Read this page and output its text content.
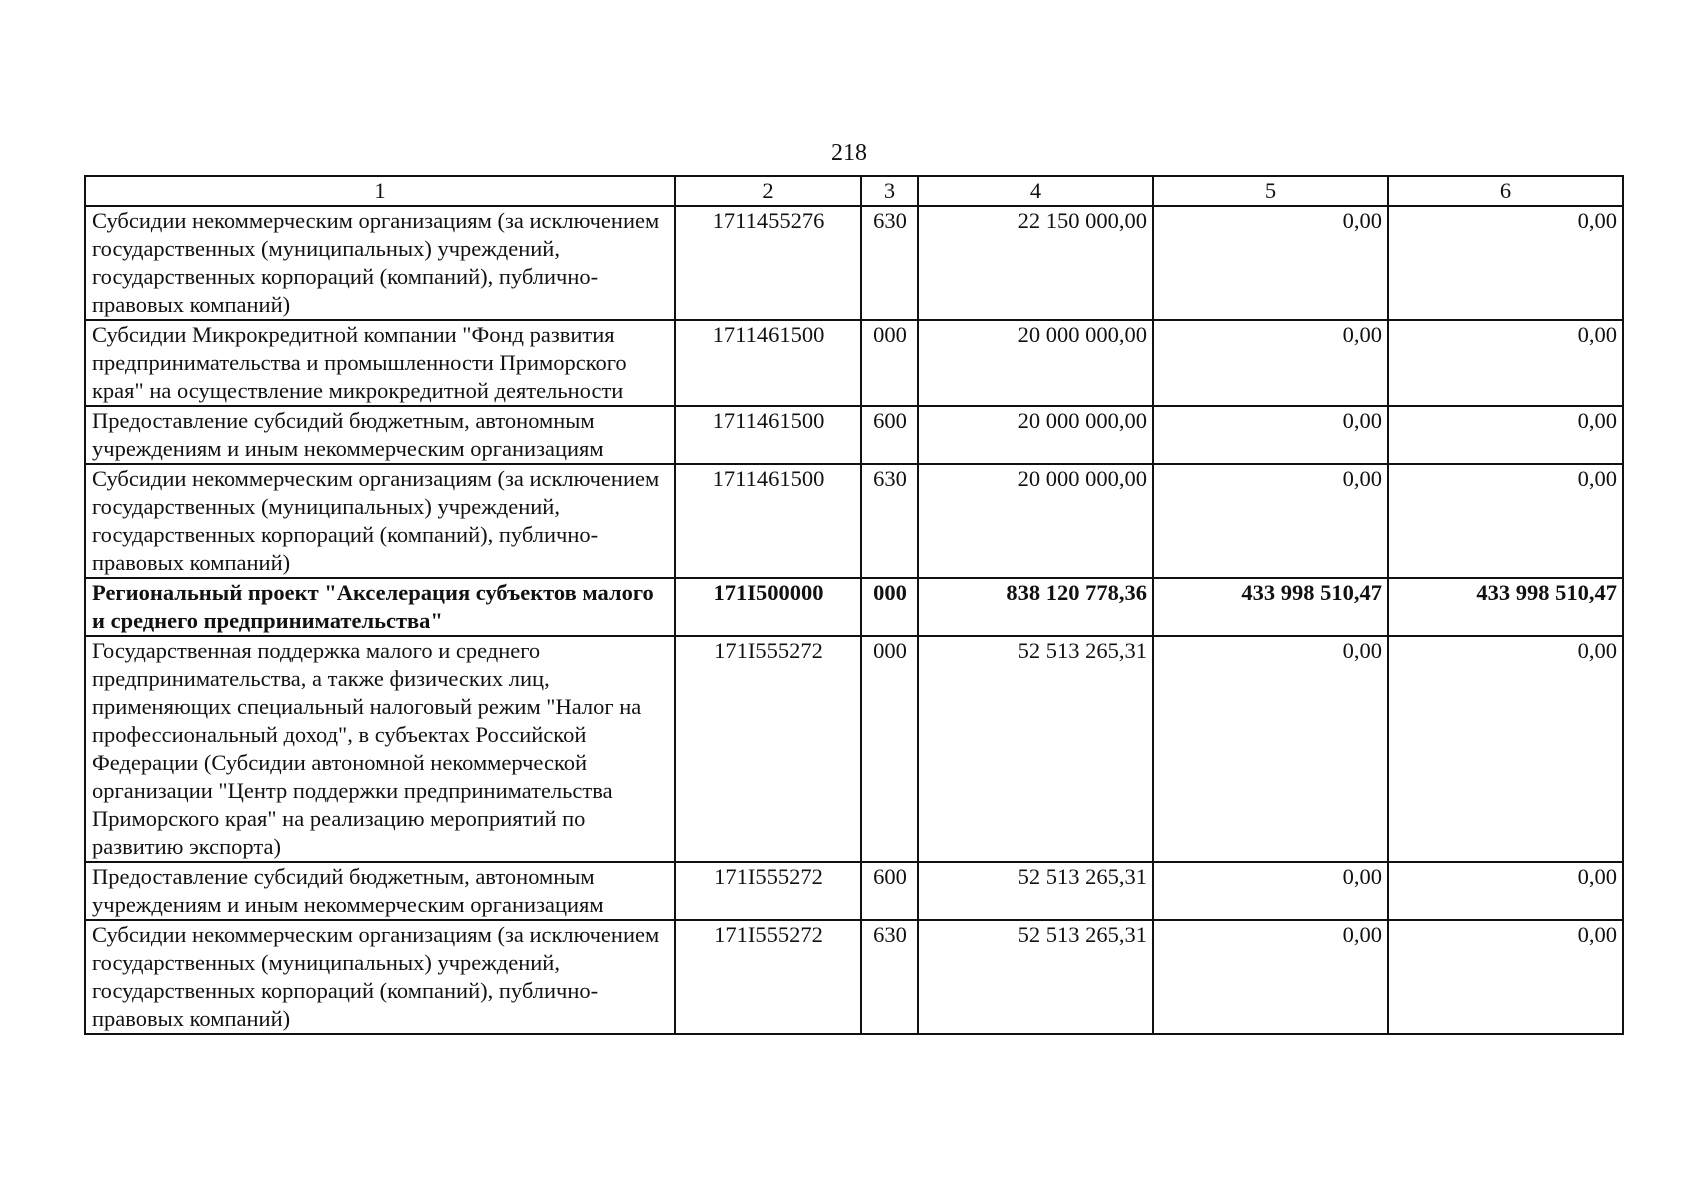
218
1	2	3	4	5	6
Субсидии некоммерческим организациям (за исключением государственных (муниципальных) учреждений, государственных корпораций (компаний), публично-правовых компаний)	1711455276	630	22 150 000,00	0,00	0,00
Субсидии Микрокредитной компании "Фонд развития предпринимательства и промышленности Приморского края" на осуществление микрокредитной деятельности	1711461500	000	20 000 000,00	0,00	0,00
Предоставление субсидий бюджетным, автономным учреждениям и иным некоммерческим организациям	1711461500	600	20 000 000,00	0,00	0,00
Субсидии некоммерческим организациям (за исключением государственных (муниципальных) учреждений, государственных корпораций (компаний), публично-правовых компаний)	1711461500	630	20 000 000,00	0,00	0,00
Региональный проект "Акселерация субъектов малого и среднего предпринимательства"	171I500000	000	838 120 778,36	433 998 510,47	433 998 510,47
Государственная поддержка малого и среднего предпринимательства, а также физических лиц, применяющих специальный налоговый режим "Налог на профессиональный доход", в субъектах Российской Федерации (Субсидии автономной некоммерческой организации "Центр поддержки предпринимательства Приморского края" на реализацию мероприятий по развитию экспорта)	171I555272	000	52 513 265,31	0,00	0,00
Предоставление субсидий бюджетным, автономным учреждениям и иным некоммерческим организациям	171I555272	600	52 513 265,31	0,00	0,00
Субсидии некоммерческим организациям (за исключением государственных (муниципальных) учреждений, государственных корпораций (компаний), публично-правовых компаний)	171I555272	630	52 513 265,31	0,00	0,00
